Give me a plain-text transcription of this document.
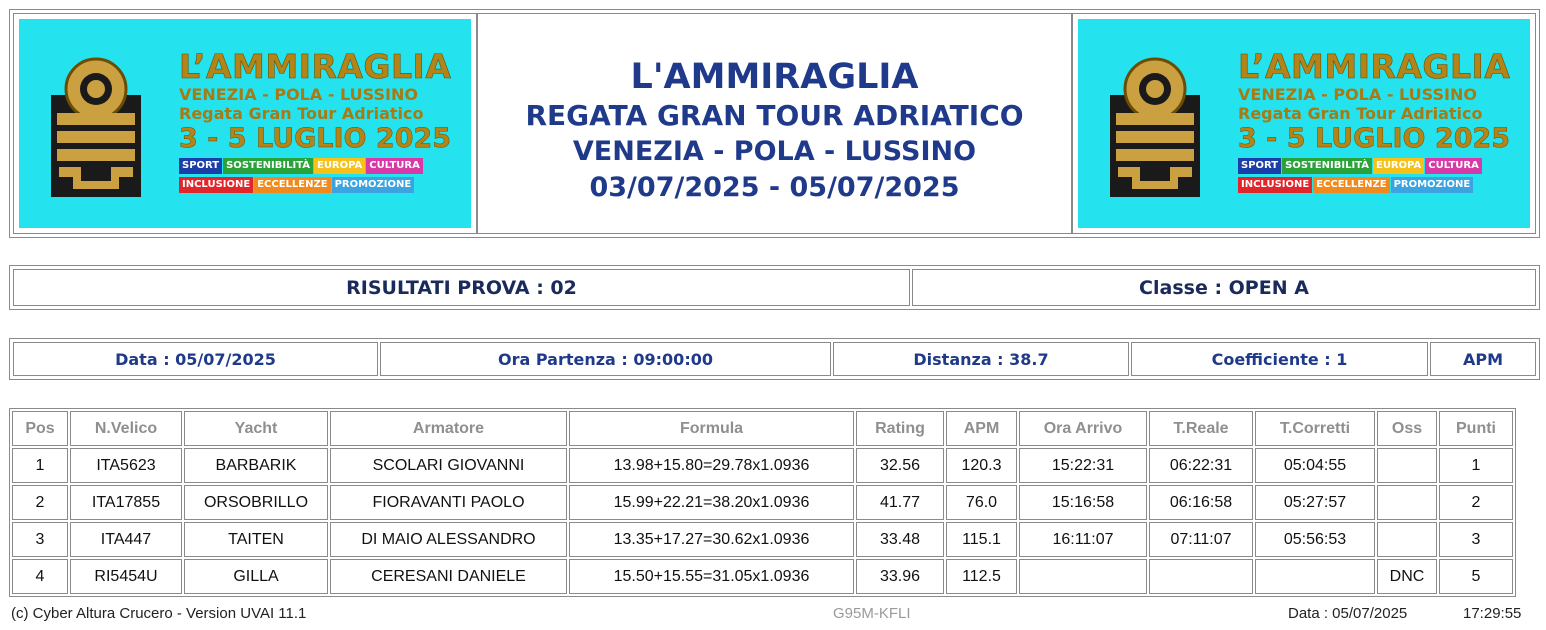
L’AMMIRAGLIA
VENEZIA - POLA - LUSSINO
Regata Gran Tour Adriatico
3 - 5 LUGLIO 2025
SPORT SOSTENIBILITÀ EUROPA CULTURA
INCLUSIONE ECCELLENZE PROMOZIONE
L'AMMIRAGLIA
REGATA GRAN TOUR ADRIATICO
VENEZIA - POLA - LUSSINO
03/07/2025 - 05/07/2025
L’AMMIRAGLIA
VENEZIA - POLA - LUSSINO
Regata Gran Tour Adriatico
3 - 5 LUGLIO 2025
SPORT SOSTENIBILITÀ EUROPA CULTURA
INCLUSIONE ECCELLENZE PROMOZIONE
RISULTATI PROVA : 02	Classe : OPEN A
Data : 05/07/2025	Ora Partenza : 09:00:00	Distanza : 38.7	Coefficiente : 1	APM
Pos	N.Velico	Yacht	Armatore	Formula	Rating	APM	Ora Arrivo	T.Reale	T.Corretti	Oss	Punti
1	ITA5623	BARBARIK	SCOLARI GIOVANNI	13.98+15.80=29.78x1.0936	32.56	120.3	15:22:31	06:22:31	05:04:55		1
2	ITA17855	ORSOBRILLO	FIORAVANTI PAOLO	15.99+22.21=38.20x1.0936	41.77	76.0	15:16:58	06:16:58	05:27:57		2
3	ITA447	TAITEN	DI MAIO ALESSANDRO	13.35+17.27=30.62x1.0936	33.48	115.1	16:11:07	07:11:07	05:56:53		3
4	RI5454U	GILLA	CERESANI DANIELE	15.50+15.55=31.05x1.0936	33.96	112.5				DNC	5
(c) Cyber Altura Crucero - Version UVAI 11.1	G95M-KFLI	Data : 05/07/2025	17:29:55
